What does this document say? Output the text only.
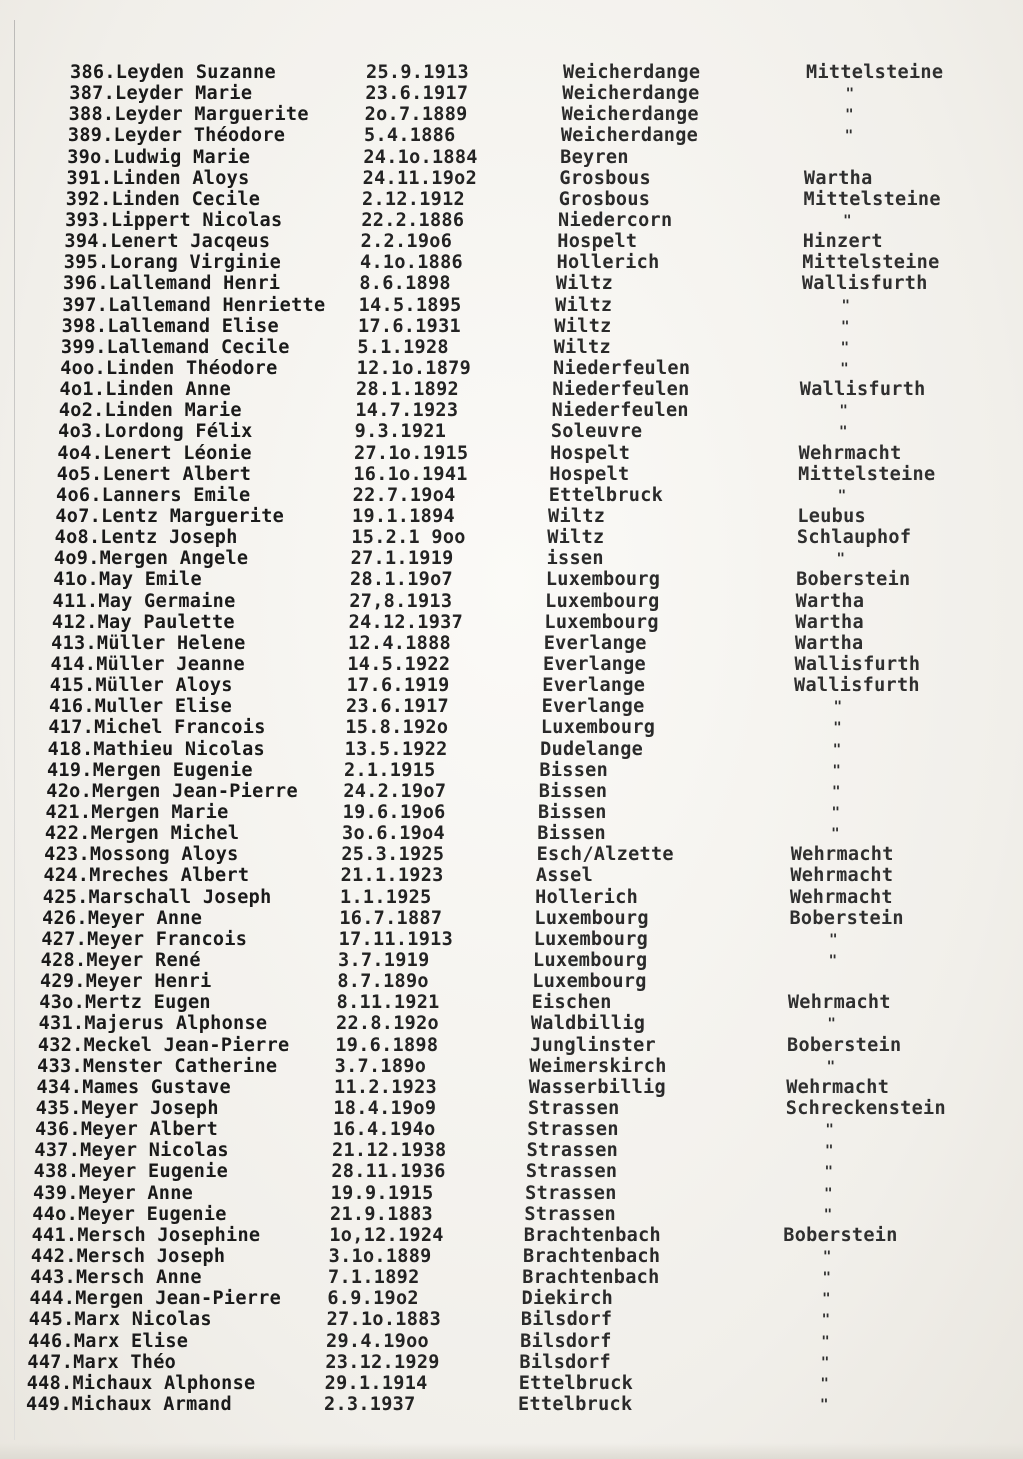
386.Leyden Suzanne	25.9.1913	Weicherdange	Mittelsteine
387.Leyder Marie	23.6.1917	Weicherdange	"
388.Leyder Marguerite	2o.7.1889	Weicherdange	"
389.Leyder Théodore	5.4.1886	Weicherdange	"
39o.Ludwig Marie	24.1o.1884	Beyren
391.Linden Aloys	24.11.19o2	Grosbous	Wartha
392.Linden Cecile	2.12.1912	Grosbous	Mittelsteine
393.Lippert Nicolas	22.2.1886	Niedercorn	"
394.Lenert Jacqeus	2.2.19o6	Hospelt	Hinzert
395.Lorang Virginie	4.1o.1886	Hollerich	Mittelsteine
396.Lallemand Henri	8.6.1898	Wiltz	Wallisfurth
397.Lallemand Henriette 14.5.1895	Wiltz	"
398.Lallemand Elise	17.6.1931	Wiltz	"
399.Lallemand Cecile	5.1.1928	Wiltz	"
4oo.Linden Théodore	12.1o.1879	Niederfeulen	"
4o1.Linden Anne	28.1.1892	Niederfeulen	Wallisfurth
4o2.Linden Marie	14.7.1923	Niederfeulen	"
4o3.Lordong Félix	9.3.1921	Soleuvre	"
4o4.Lenert Léonie	27.1o.1915	Hospelt	Wehrmacht
4o5.Lenert Albert	16.1o.1941	Hospelt	Mittelsteine
4o6.Lanners Emile	22.7.19o4	Ettelbruck	"
4o7.Lentz Marguerite	19.1.1894	Wiltz	Leubus
4o8.Lentz Joseph	15.2.1 9oo	Wiltz	Schlauphof
4o9.Mergen Angele	27.1.1919	issen	"
41o.May Emile	28.1.19o7	Luxembourg	Boberstein
411.May Germaine	27,8.1913	Luxembourg	Wartha
412.May Paulette	24.12.1937	Luxembourg	Wartha
413.Müller Helene	12.4.1888	Everlange	Wartha
414.Müller Jeanne	14.5.1922	Everlange	Wallisfurth
415.Müller Aloys	17.6.1919	Everlange	Wallisfurth
416.Muller Elise	23.6.1917	Everlange	"
417.Michel Francois	15.8.192o	Luxembourg	"
418.Mathieu Nicolas	13.5.1922	Dudelange	"
419.Mergen Eugenie	2.1.1915	Bissen	"
42o.Mergen Jean-Pierre 24.2.19o7	Bissen	"
421.Mergen Marie	19.6.19o6	Bissen	"
422.Mergen Michel	3o.6.19o4	Bissen	"
423.Mossong Aloys	25.3.1925	Esch/Alzette	Wehrmacht
424.Mreches Albert	21.1.1923	Assel	Wehrmacht
425.Marschall Joseph	1.1.1925	Hollerich	Wehrmacht
426.Meyer Anne	16.7.1887	Luxembourg	Boberstein
427.Meyer Francois	17.11.1913	Luxembourg	"
428.Meyer René	3.7.1919	Luxembourg	"
429.Meyer Henri	8.7.189o	Luxembourg
43o.Mertz Eugen	8.11.1921	Eischen	Wehrmacht
431.Majerus Alphonse	22.8.192o	Waldbillig	"
432.Meckel Jean-Pierre 19.6.1898	Junglinster	Boberstein
433.Menster Catherine	3.7.189o	Weimerskirch	"
434.Mames Gustave	11.2.1923	Wasserbillig	Wehrmacht
435.Meyer Joseph	18.4.19o9	Strassen	Schreckenstein
436.Meyer Albert	16.4.194o	Strassen	"
437.Meyer Nicolas	21.12.1938	Strassen	"
438.Meyer Eugenie	28.11.1936	Strassen	"
439.Meyer Anne	19.9.1915	Strassen	"
44o.Meyer Eugenie	21.9.1883	Strassen	"
441.Mersch Josephine	1o,12.1924	Brachtenbach	Boberstein
442.Mersch Joseph	3.1o.1889	Brachtenbach	"
443.Mersch Anne	7.1.1892	Brachtenbach	"
444.Mergen Jean-Pierre 6.9.19o2	Diekirch	"
445.Marx Nicolas	27.1o.1883	Bilsdorf	"
446.Marx Elise	29.4.19oo	Bilsdorf	"
447.Marx Théo	23.12.1929	Bilsdorf	"
448.Michaux Alphonse	29.1.1914	Ettelbruck	"
449.Michaux Armand	2.3.1937	Ettelbruck	"
